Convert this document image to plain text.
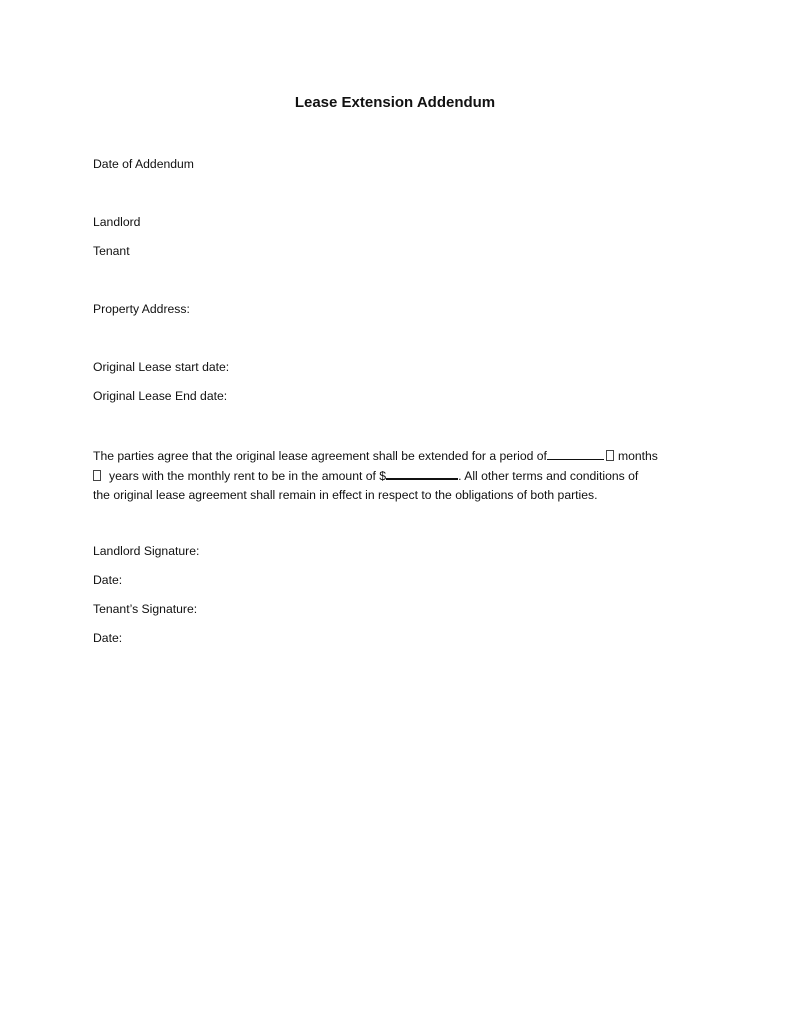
Lease Extension Addendum
Date of Addendum
Landlord
Tenant
Property Address:
Original Lease start date:
Original Lease End date:
The parties agree that the original lease agreement shall be extended for a period of	months
years with the monthly rent to be in the amount of $	. All other terms and conditions of
the original lease agreement shall remain in effect in respect to the obligations of both parties.
Landlord Signature:
Date:
Tenant’s Signature:
Date:
